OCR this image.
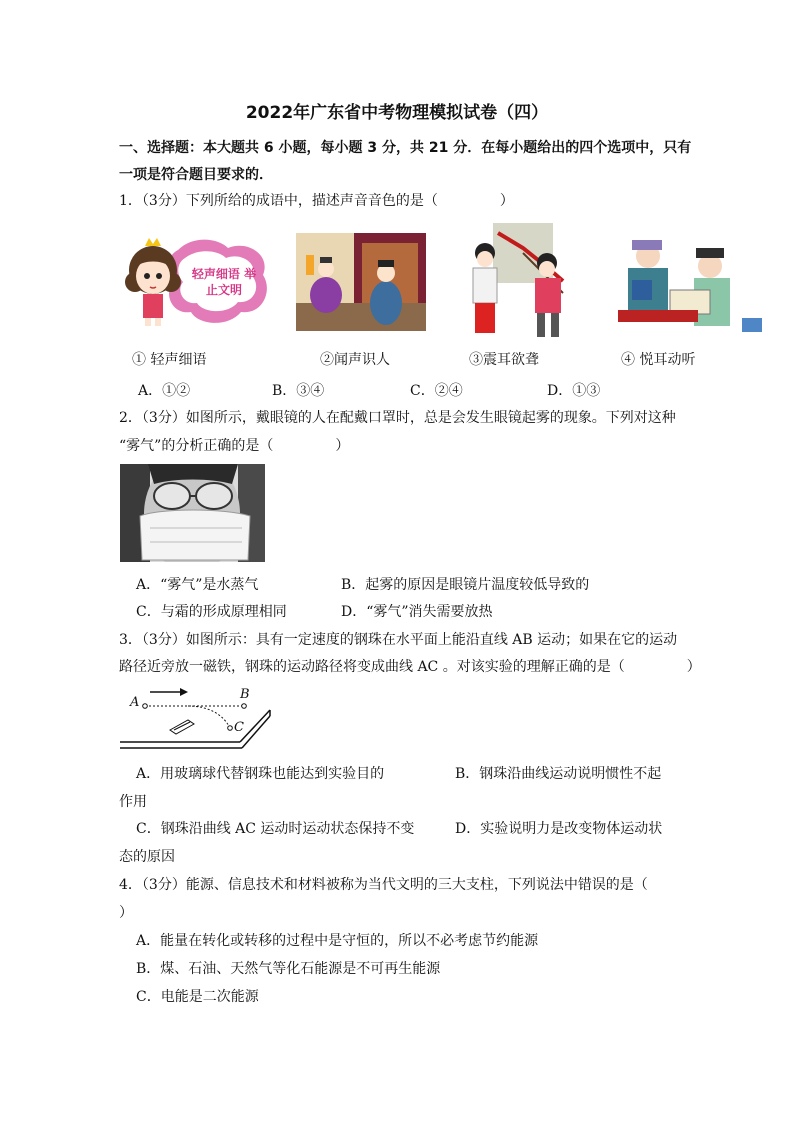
2022年广东省中考物理模拟试卷（四）
一、选择题：本大题共 6 小题，每小题 3 分，共 21 分．在每小题给出的四个选项中，只有
一项是符合题目要求的．
1．（3分）下列所给的成语中，描述声音音色的是（	）
轻声细语 举止文明
① 轻声细语	②闻声识人	③震耳欲聋	④ 悦耳动听
A．①②	B．③④	C．②④	D．①③
2．（3分）如图所示，戴眼镜的人在配戴口罩时，总是会发生眼镜起雾的现象。下列对这种
“雾气”的分析正确的是（	）
A．“雾气”是水蒸气	B．起雾的原因是眼镜片温度较低导致的
C．与霜的形成原理相同	D．“雾气”消失需要放热
3．（3分）如图所示：具有一定速度的钢珠在水平面上能沿直线 AB 运动；如果在它的运动
路径近旁放一磁铁，钢珠的运动路径将变成曲线 AC 。对该实验的理解正确的是（	）
A
B
C
A．用玻璃球代替钢珠也能达到实验目的	B．钢珠沿曲线运动说明惯性不起
作用
C．钢珠沿曲线 AC 运动时运动状态保持不变	D．实验说明力是改变物体运动状
态的原因
4．（3分）能源、信息技术和材料被称为当代文明的三大支柱，下列说法中错误的是（
）
A．能量在转化或转移的过程中是守恒的，所以不必考虑节约能源
B．煤、石油、天然气等化石能源是不可再生能源
C．电能是二次能源
